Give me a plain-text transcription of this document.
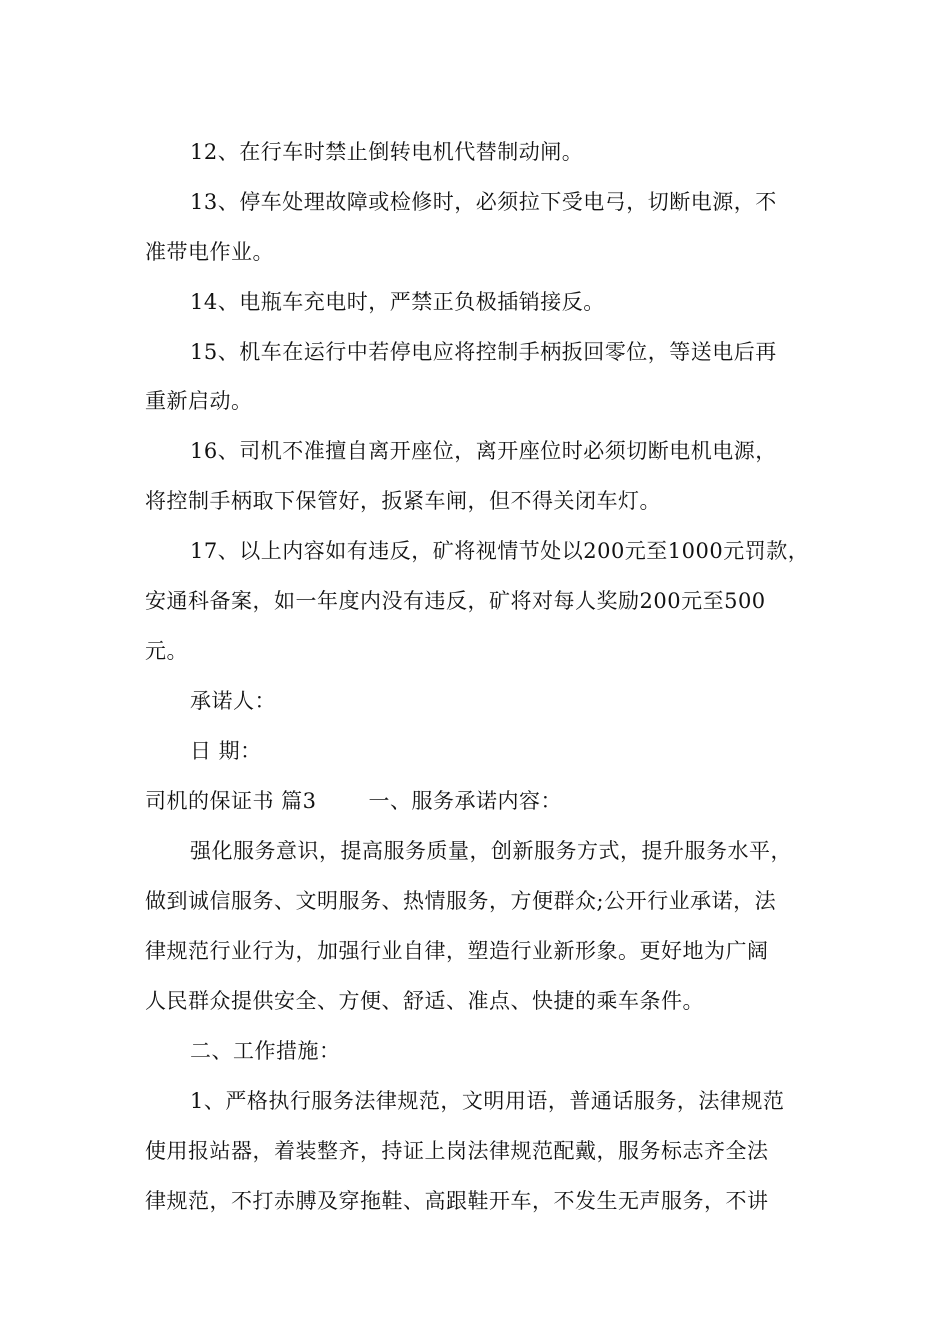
12、在行车时禁止倒转电机代替制动闸。
13、停车处理故障或检修时，必须拉下受电弓，切断电源，不
准带电作业。
14、电瓶车充电时，严禁正负极插销接反。
15、机车在运行中若停电应将控制手柄扳回零位，等送电后再
重新启动。
16、司机不准擅自离开座位，离开座位时必须切断电机电源，
将控制手柄取下保管好，扳紧车闸，但不得关闭车灯。
17、以上内容如有违反，矿将视情节处以200元至1000元罚款，
安通科备案，如一年度内没有违反，矿将对每人奖励200元至500
元。
承诺人：
日 期：
司机的保证书 篇3 一、服务承诺内容：
强化服务意识，提高服务质量，创新服务方式，提升服务水平，
做到诚信服务、文明服务、热情服务，方便群众;公开行业承诺，法
律规范行业行为，加强行业自律，塑造行业新形象。更好地为广阔
人民群众提供安全、方便、舒适、准点、快捷的乘车条件。
二、工作措施：
1、严格执行服务法律规范，文明用语，普通话服务，法律规范
使用报站器，着装整齐，持证上岗法律规范配戴，服务标志齐全法
律规范，不打赤膊及穿拖鞋、高跟鞋开车，不发生无声服务，不讲
